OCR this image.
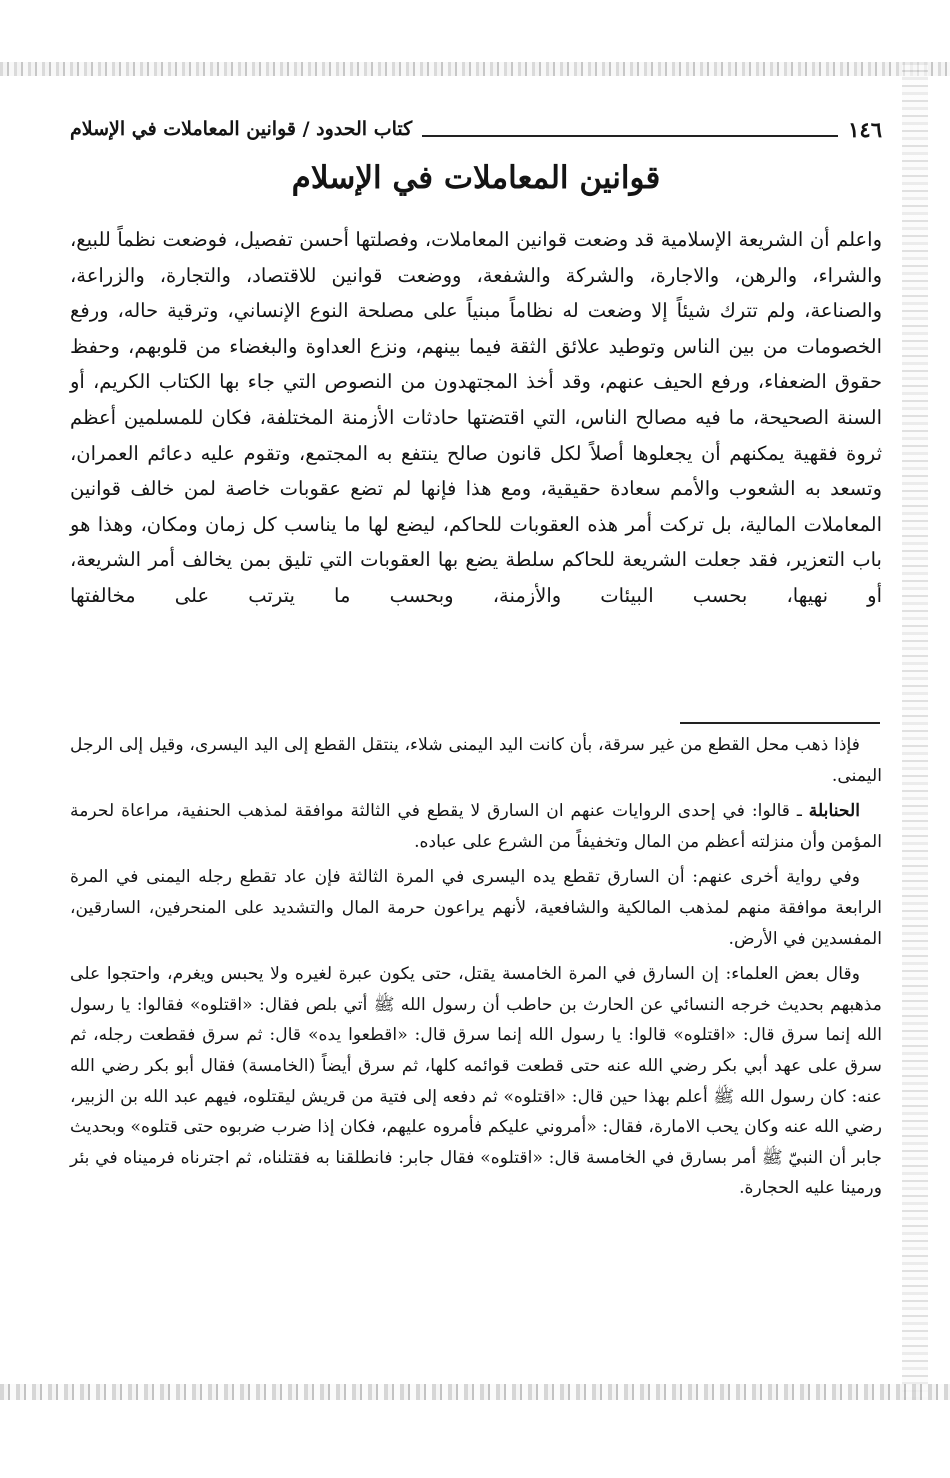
١٤٦
كتاب الحدود / قوانين المعاملات في الإسلام
قوانين المعاملات في الإسلام

واعلم أن الشريعة الإسلامية قد وضعت قوانين المعاملات، وفصلتها أحسن تفصيل، فوضعت نظماً للبيع، والشراء، والرهن، والاجارة، والشركة والشفعة، ووضعت قوانين للاقتصاد، والتجارة، والزراعة، والصناعة، ولم تترك شيئاً إلا وضعت له نظاماً مبنياً على مصلحة النوع الإنساني، وترقية حاله، ورفع الخصومات من بين الناس وتوطيد علائق الثقة فيما بينهم، ونزع العداوة والبغضاء من قلوبهم، وحفظ حقوق الضعفاء، ورفع الحيف عنهم، وقد أخذ المجتهدون من النصوص التي جاء بها الكتاب الكريم، أو السنة الصحيحة، ما فيه مصالح الناس، التي اقتضتها حادثات الأزمنة المختلفة، فكان للمسلمين أعظم ثروة فقهية يمكنهم أن يجعلوها أصلاً لكل قانون صالح ينتفع به المجتمع، وتقوم عليه دعائم العمران، وتسعد به الشعوب والأمم سعادة حقيقية، ومع هذا فإنها لم تضع عقوبات خاصة لمن خالف قوانين المعاملات المالية، بل تركت أمر هذه العقوبات للحاكم، ليضع لها ما يناسب كل زمان ومكان، وهذا هو باب التعزير، فقد جعلت الشريعة للحاكم سلطة يضع بها العقوبات التي تليق بمن يخالف أمر الشريعة، أو نهيها، بحسب البيئات والأزمنة، وبحسب ما يترتب على مخالفتها

فإذا ذهب محل القطع من غير سرقة، بأن كانت اليد اليمنى شلاء، ينتقل القطع إلى اليد اليسرى، وقيل إلى الرجل اليمنى.

الحنابلة ـ قالوا: في إحدى الروايات عنهم ان السارق لا يقطع في الثالثة موافقة لمذهب الحنفية، مراعاة لحرمة المؤمن وأن منزلته أعظم من المال وتخفيفاً من الشرع على عباده.

وفي رواية أخرى عنهم: أن السارق تقطع يده اليسرى في المرة الثالثة فإن عاد تقطع رجله اليمنى في المرة الرابعة موافقة منهم لمذهب المالكية والشافعية، لأنهم يراعون حرمة المال والتشديد على المنحرفين، السارقين، المفسدين في الأرض.

وقال بعض العلماء: إن السارق في المرة الخامسة يقتل، حتى يكون عبرة لغيره ولا يحبس ويغرم، واحتجوا على مذهبهم بحديث خرجه النسائي عن الحارث بن حاطب أن رسول الله ﷺ أتي بلص فقال: «اقتلوه» فقالوا: يا رسول الله إنما سرق قال: «اقتلوه» قالوا: يا رسول الله إنما سرق قال: «اقطعوا يده» قال: ثم سرق فقطعت رجله، ثم سرق على عهد أبي بكر رضي الله عنه حتى قطعت قوائمه كلها، ثم سرق أيضاً (الخامسة) فقال أبو بكر رضي الله عنه: كان رسول الله ﷺ أعلم بهذا حين قال: «اقتلوه» ثم دفعه إلى فتية من قريش ليقتلوه، فيهم عبد الله بن الزبير، رضي الله عنه وكان يحب الامارة، فقال: «أمروني عليكم فأمروه عليهم، فكان إذا ضرب ضربوه حتى قتلوه» وبحديث جابر أن النبيّ ﷺ أمر بسارق في الخامسة قال: «اقتلوه» فقال جابر: فانطلقنا به فقتلناه، ثم اجترناه فرميناه في بئر ورمينا عليه الحجارة.
